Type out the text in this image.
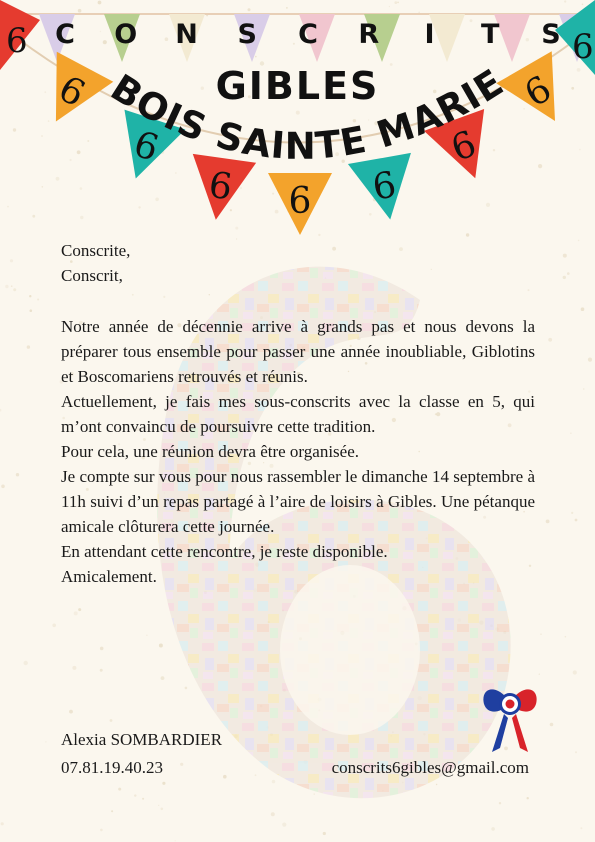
6
6
6 6 6
6
6
6	6
C O N S C R	I	T S
GIBLES
BOIS SAINTE MARIE

Conscrite,

Conscrit,

Notre année de décennie arrive à grands pas et nous devons la préparer tous ensemble pour passer une année inoubliable, Giblotins et Boscomariens retrouvés et réunis.

Actuellement, je fais mes sous-conscrits avec la classe en 5, qui m’ont convaincu de poursuivre cette tradition.

Pour cela, une réunion devra être organisée.

Je compte sur vous pour nous rassembler le dimanche 14 septembre à 11h suivi d’un repas partagé à l’aire de loisirs à Gibles. Une pétanque amicale clôturera cette journée.

En attendant cette rencontre, je reste disponible.

Amicalement.

Alexia SOMBARDIER
07.81.19.40.23	conscrits6gibles@gmail.com
